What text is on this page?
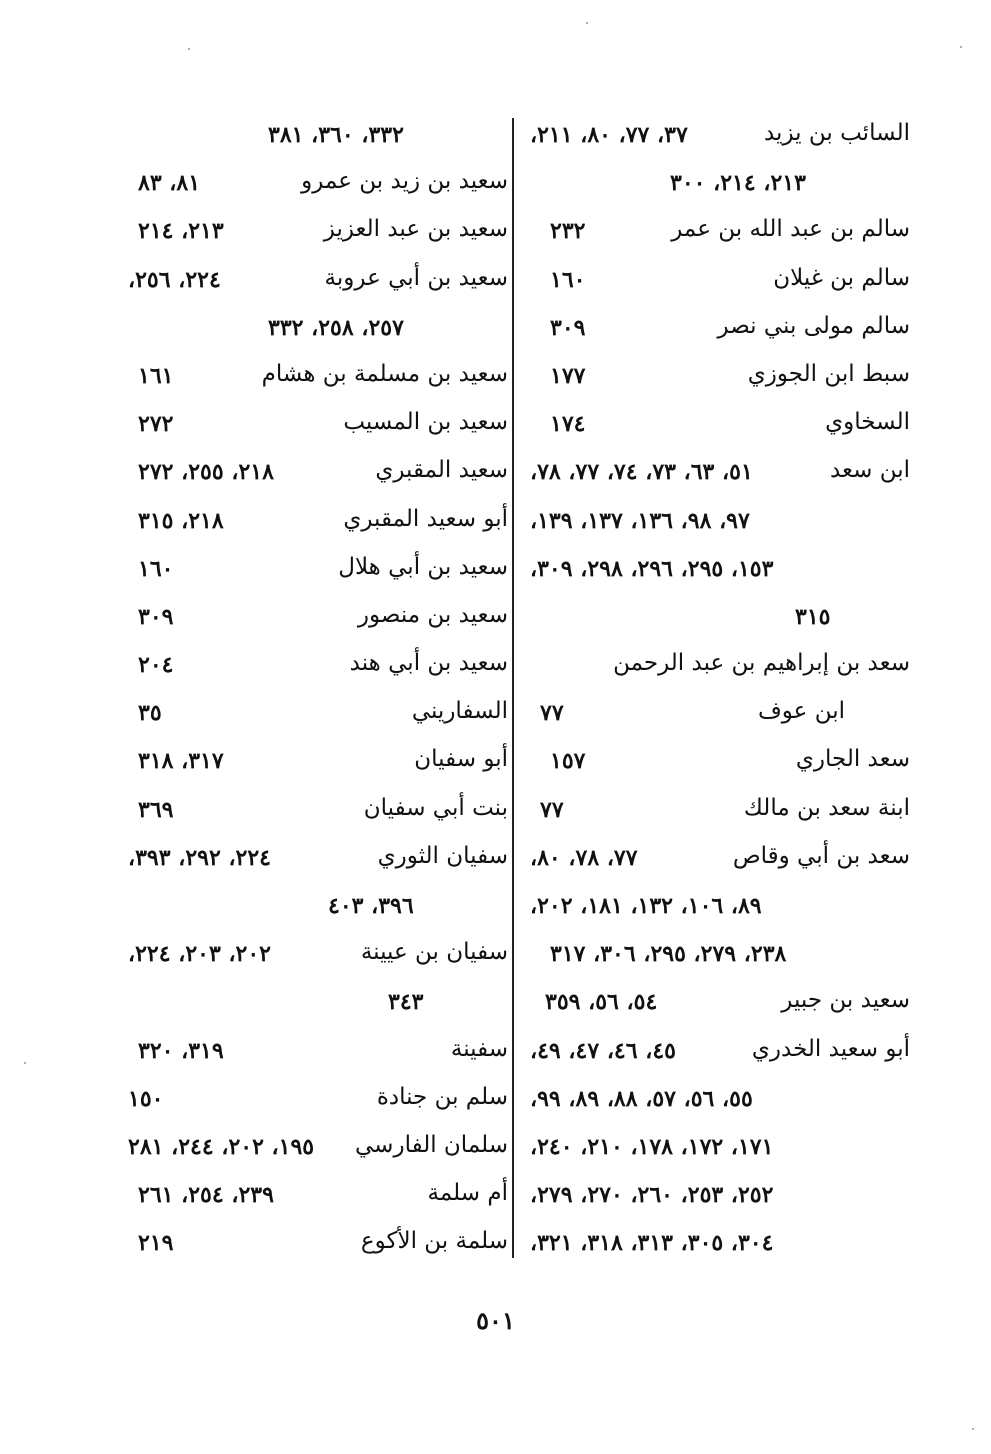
السائب بن يزيد
٣٧، ٧٧، ٨٠، ٢١١،
٢١٣، ٢١٤، ٣٠٠
سالم بن عبد الله بن عمر
٢٣٢
سالم بن غيلان
١٦٠
سالم مولى بني نصر
٣٠٩
سبط ابن الجوزي
١٧٧
السخاوي
١٧٤
ابن سعد
٥١، ٦٣، ٧٣، ٧٤، ٧٧، ٧٨،
٩٧، ٩٨، ١٣٦، ١٣٧، ١٣٩،
١٥٣، ٢٩٥، ٢٩٦، ٢٩٨، ٣٠٩،
٣١٥
سعد بن إبراهيم بن عبد الرحمن
ابن عوف
٧٧
سعد الجاري
١٥٧
ابنة سعد بن مالك
٧٧
سعد بن أبي وقاص
٧٧، ٧٨، ٨٠،
٨٩، ١٠٦، ١٣٢، ١٨١، ٢٠٢،
٢٣٨، ٢٧٩، ٢٩٥، ٣٠٦، ٣١٧
سعيد بن جبير
٥٤، ٥٦، ٣٥٩
أبو سعيد الخدري
٤٥، ٤٦، ٤٧، ٤٩،
٥٥، ٥٦، ٥٧، ٨٨، ٨٩، ٩٩،
١٧١، ١٧٢، ١٧٨، ٢١٠، ٢٤٠،
٢٥٢، ٢٥٣، ٢٦٠، ٢٧٠، ٢٧٩،
٣٠٤، ٣٠٥، ٣١٣، ٣١٨، ٣٢١،
٣٣٢، ٣٦٠، ٣٨١
سعيد بن زيد بن عمرو
٨١، ٨٣
سعيد بن عبد العزيز
٢١٣، ٢١٤
سعيد بن أبي عروبة
٢٢٤، ٢٥٦،
٢٥٧، ٢٥٨، ٣٣٢
سعيد بن مسلمة بن هشام
١٦١
سعيد بن المسيب
٢٧٢
سعيد المقبري
٢١٨، ٢٥٥، ٢٧٢
أبو سعيد المقبري
٢١٨، ٣١٥
سعيد بن أبي هلال
١٦٠
سعيد بن منصور
٣٠٩
سعيد بن أبي هند
٢٠٤
السفاريني
٣٥
أبو سفيان
٣١٧، ٣١٨
بنت أبي سفيان
٣٦٩
سفيان الثوري
٢٢٤، ٢٩٢، ٣٩٣،
٣٩٦، ٤٠٣
سفيان بن عيينة
٢٠٢، ٢٠٣، ٢٢٤،
٣٤٣
سفينة
٣١٩، ٣٢٠
سلم بن جنادة
١٥٠
سلمان الفارسي
١٩٥، ٢٠٢، ٢٤٤، ٢٨١
أم سلمة
٢٣٩، ٢٥٤، ٢٦١
سلمة بن الأكوع
٢١٩
٥٠١
